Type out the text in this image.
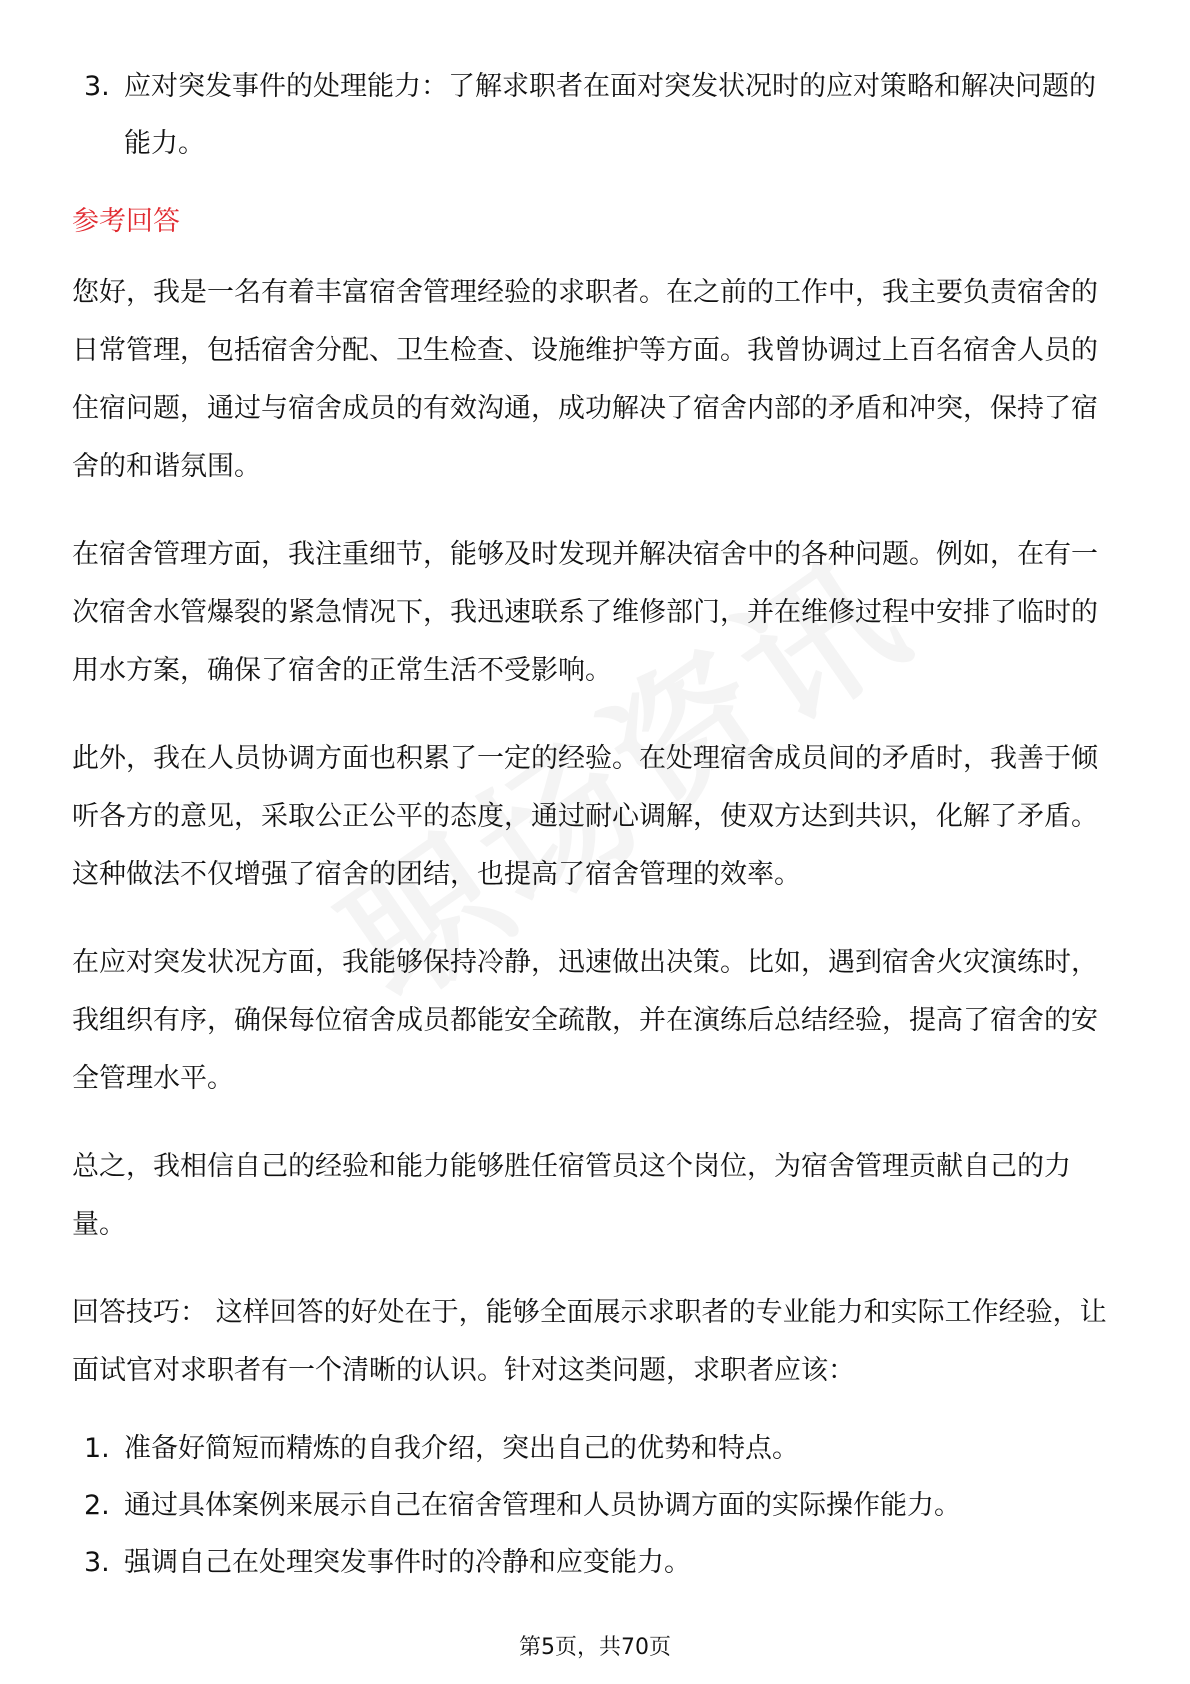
3. 应对突发事件的处理能力：了解求职者在面对突发状况时的应对策略和解决问题的能力。
参考回答

您好，我是一名有着丰富宿舍管理经验的求职者。在之前的工作中，我主要负责宿舍的日常管理，包括宿舍分配、卫生检查、设施维护等方面。我曾协调过上百名宿舍人员的住宿问题，通过与宿舍成员的有效沟通，成功解决了宿舍内部的矛盾和冲突，保持了宿舍的和谐氛围。

在宿舍管理方面，我注重细节，能够及时发现并解决宿舍中的各种问题。例如，在有一次宿舍水管爆裂的紧急情况下，我迅速联系了维修部门，并在维修过程中安排了临时的用水方案，确保了宿舍的正常生活不受影响。

此外，我在人员协调方面也积累了一定的经验。在处理宿舍成员间的矛盾时，我善于倾听各方的意见，采取公正公平的态度，通过耐心调解，使双方达到共识，化解了矛盾。这种做法不仅增强了宿舍的团结，也提高了宿舍管理的效率。

在应对突发状况方面，我能够保持冷静，迅速做出决策。比如，遇到宿舍火灾演练时，我组织有序，确保每位宿舍成员都能安全疏散，并在演练后总结经验，提高了宿舍的安全管理水平。

总之，我相信自己的经验和能力能够胜任宿管员这个岗位，为宿舍管理贡献自己的力量。

回答技巧： 这样回答的好处在于，能够全面展示求职者的专业能力和实际工作经验，让面试官对求职者有一个清晰的认识。针对这类问题，求职者应该：

1. 准备好简短而精炼的自我介绍，突出自己的优势和特点。
2. 通过具体案例来展示自己在宿舍管理和人员协调方面的实际操作能力。
3. 强调自己在处理突发事件时的冷静和应变能力。
第5页，共70页
